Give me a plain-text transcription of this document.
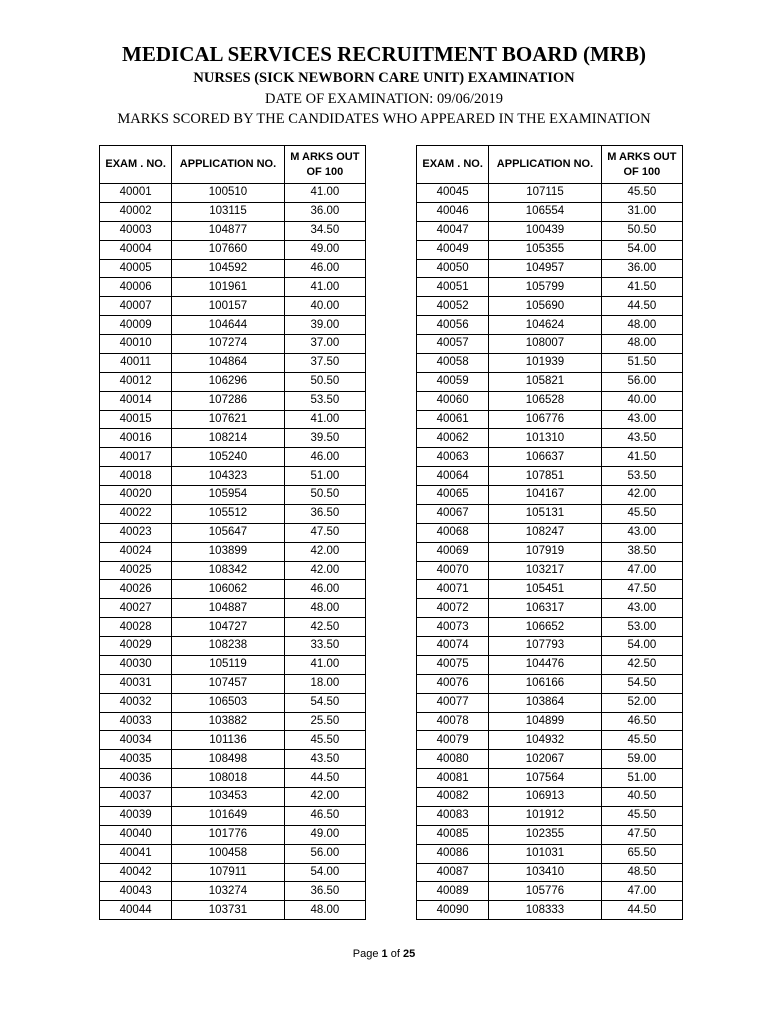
MEDICAL SERVICES RECRUITMENT BOARD (MRB)
NURSES (SICK NEWBORN CARE UNIT) EXAMINATION
DATE OF EXAMINATION: 09/06/2019
MARKS SCORED BY THE CANDIDATES WHO APPEARED IN THE EXAMINATION
EXAM . NO.	APPLICATION NO.	M ARKS OUT OF 100
40001	100510	41.00
40002	103115	36.00
40003	104877	34.50
40004	107660	49.00
40005	104592	46.00
40006	101961	41.00
40007	100157	40.00
40009	104644	39.00
40010	107274	37.00
40011	104864	37.50
40012	106296	50.50
40014	107286	53.50
40015	107621	41.00
40016	108214	39.50
40017	105240	46.00
40018	104323	51.00
40020	105954	50.50
40022	105512	36.50
40023	105647	47.50
40024	103899	42.00
40025	108342	42.00
40026	106062	46.00
40027	104887	48.00
40028	104727	42.50
40029	108238	33.50
40030	105119	41.00
40031	107457	18.00
40032	106503	54.50
40033	103882	25.50
40034	101136	45.50
40035	108498	43.50
40036	108018	44.50
40037	103453	42.00
40039	101649	46.50
40040	101776	49.00
40041	100458	56.00
40042	107911	54.00
40043	103274	36.50
40044	103731	48.00
EXAM . NO.	APPLICATION NO.	M ARKS OUT OF 100
40045	107115	45.50
40046	106554	31.00
40047	100439	50.50
40049	105355	54.00
40050	104957	36.00
40051	105799	41.50
40052	105690	44.50
40056	104624	48.00
40057	108007	48.00
40058	101939	51.50
40059	105821	56.00
40060	106528	40.00
40061	106776	43.00
40062	101310	43.50
40063	106637	41.50
40064	107851	53.50
40065	104167	42.00
40067	105131	45.50
40068	108247	43.00
40069	107919	38.50
40070	103217	47.00
40071	105451	47.50
40072	106317	43.00
40073	106652	53.00
40074	107793	54.00
40075	104476	42.50
40076	106166	54.50
40077	103864	52.00
40078	104899	46.50
40079	104932	45.50
40080	102067	59.00
40081	107564	51.00
40082	106913	40.50
40083	101912	45.50
40085	102355	47.50
40086	101031	65.50
40087	103410	48.50
40089	105776	47.00
40090	108333	44.50
Page 1 of 25
